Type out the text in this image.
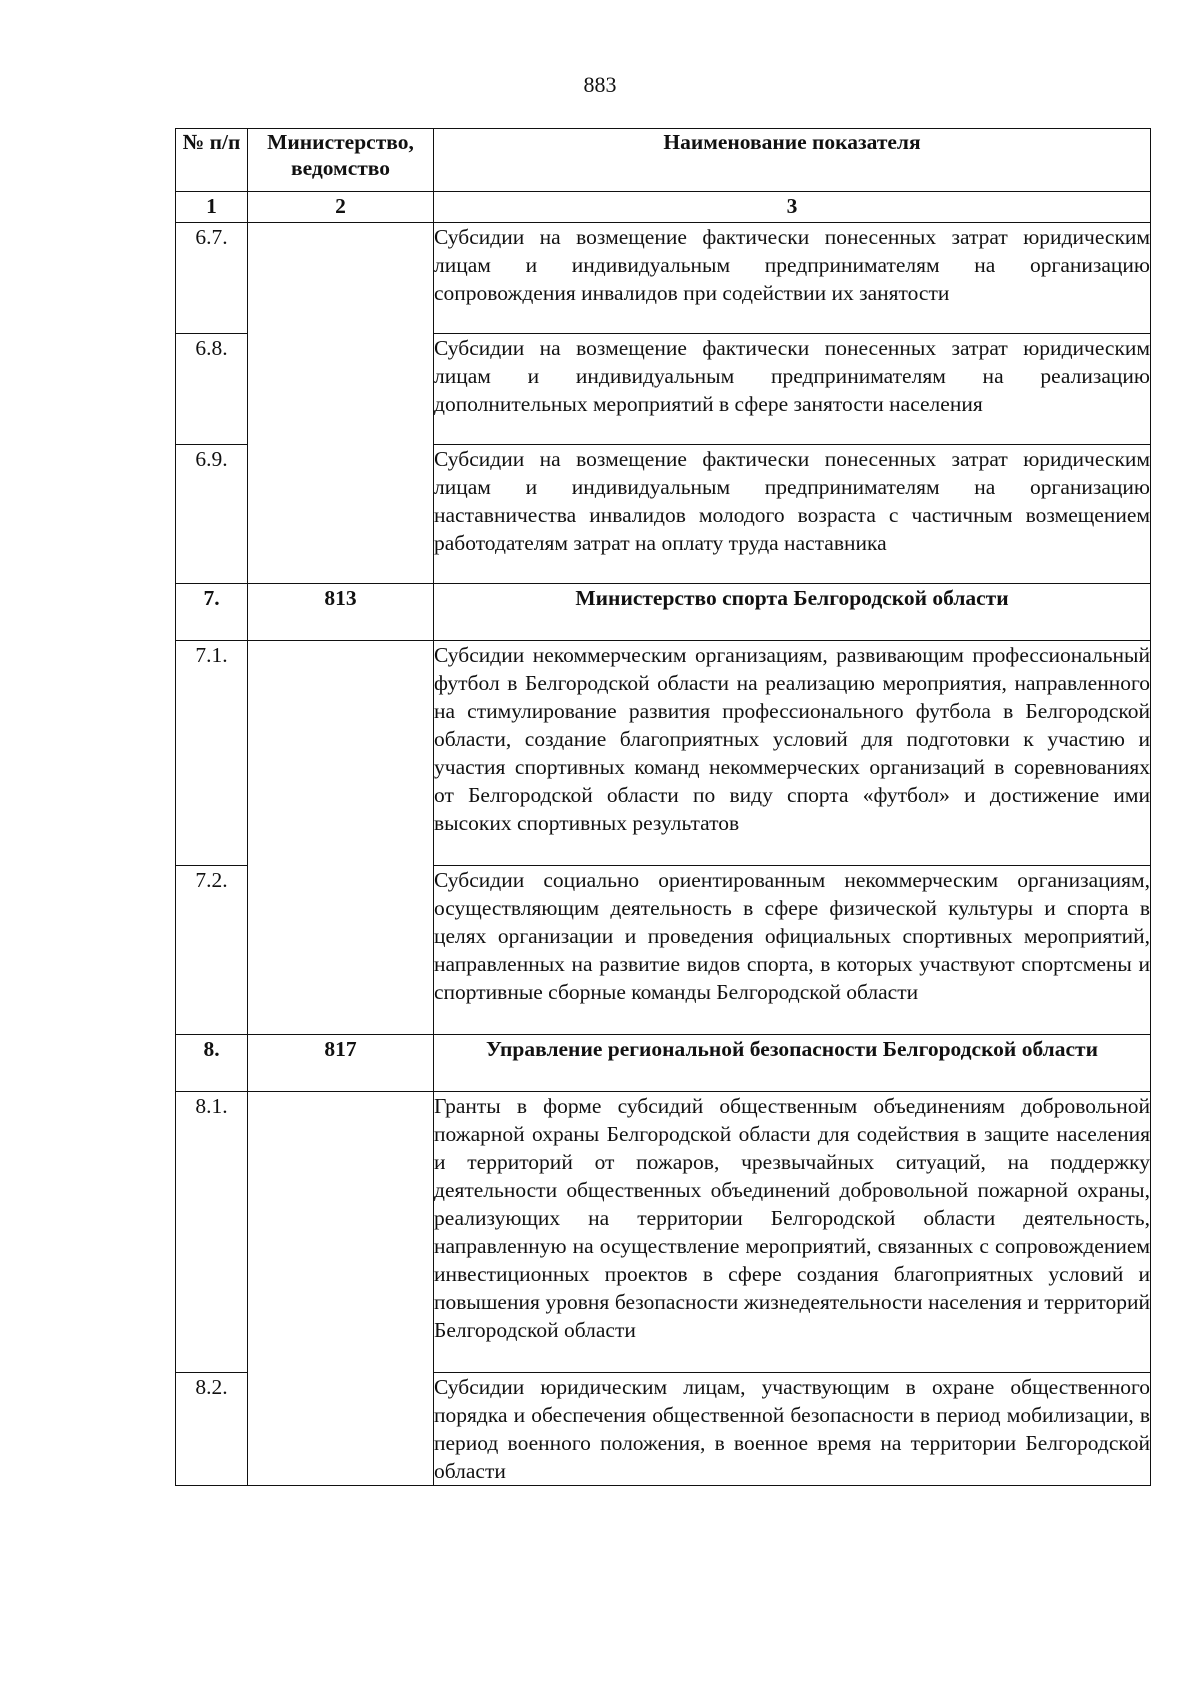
883
№ п/п	Министерство, ведомство	Наименование показателя
1	2	3
6.7.		Субсидии на возмещение фактически понесенных затрат юридическим лицам и индивидуальным предпринимателям на организацию сопровождения инвалидов при содействии их занятости
6.8.		Субсидии на возмещение фактически понесенных затрат юридическим лицам и индивидуальным предпринимателям на реализацию дополнительных мероприятий в сфере занятости населения
6.9.		Субсидии на возмещение фактически понесенных затрат юридическим лицам и индивидуальным предпринимателям на организацию наставничества инвалидов молодого возраста с частичным возмещением работодателям затрат на оплату труда наставника
7.	813	Министерство спорта Белгородской области
7.1.		Субсидии некоммерческим организациям, развивающим профессиональный футбол в Белгородской области на реализацию мероприятия, направленного на стимулирование развития профессионального футбола в Белгородской области, создание благоприятных условий для подготовки к участию и участия спортивных команд некоммерческих организаций в соревнованиях от Белгородской области по виду спорта «футбол» и достижение ими высоких спортивных результатов
7.2.		Субсидии социально ориентированным некоммерческим организациям, осуществляющим деятельность в сфере физической культуры и спорта в целях организации и проведения официальных спортивных мероприятий, направленных на развитие видов спорта, в которых участвуют спортсмены и спортивные сборные команды Белгородской области
8.	817	Управление региональной безопасности Белгородской области
8.1.		Гранты в форме субсидий общественным объединениям добровольной пожарной охраны Белгородской области для содействия в защите населения и территорий от пожаров, чрезвычайных ситуаций, на поддержку деятельности общественных объединений добровольной пожарной охраны, реализующих на территории Белгородской области деятельность, направленную на осуществление мероприятий, связанных с сопровождением инвестиционных проектов в сфере создания благоприятных условий и повышения уровня безопасности жизнедеятельности населения и территорий Белгородской области
8.2.		Субсидии юридическим лицам, участвующим в охране общественного порядка и обеспечения общественной безопасности в период мобилизации, в период военного положения, в военное время на территории Белгородской области
